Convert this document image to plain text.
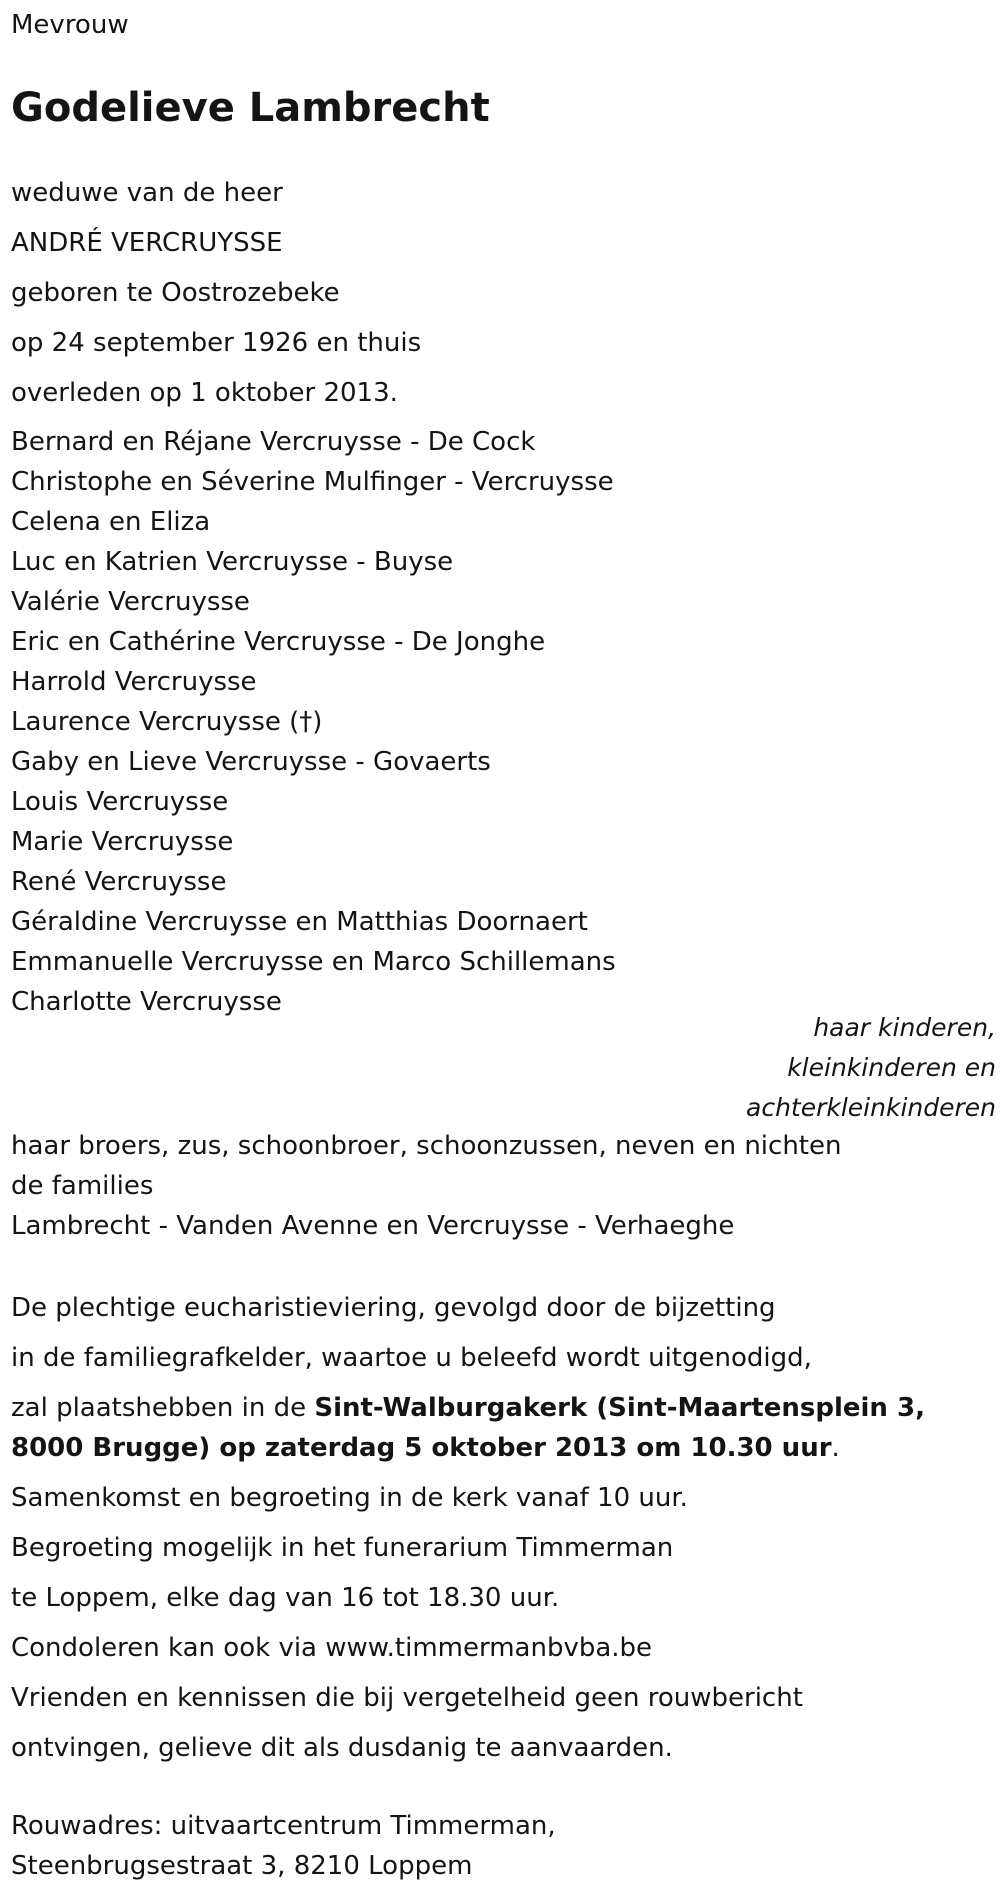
Mevrouw
Godelieve Lambrecht
weduwe van de heer
ANDRÉ VERCRUYSSE
geboren te Oostrozebeke
op 24 september 1926 en thuis
overleden op 1 oktober 2013.
Bernard en Réjane Vercruysse - De Cock
Christophe en Séverine Mulfinger - Vercruysse
Celena en Eliza
Luc en Katrien Vercruysse - Buyse
Valérie Vercruysse
Eric en Cathérine Vercruysse - De Jonghe
Harrold Vercruysse
Laurence Vercruysse (†)
Gaby en Lieve Vercruysse - Govaerts
Louis Vercruysse
Marie Vercruysse
René Vercruysse
Géraldine Vercruysse en Matthias Doornaert
Emmanuelle Vercruysse en Marco Schillemans
Charlotte Vercruysse
haar kinderen,
kleinkinderen en
achterkleinkinderen
haar broers, zus, schoonbroer, schoonzussen, neven en nichten
de families
Lambrecht - Vanden Avenne en Vercruysse - Verhaeghe
De plechtige eucharistieviering, gevolgd door de bijzetting
in de familiegrafkelder, waartoe u beleefd wordt uitgenodigd,
zal plaatshebben in de Sint-Walburgakerk (Sint-Maartensplein 3, 8000 Brugge) op zaterdag 5 oktober 2013 om 10.30 uur.
Samenkomst en begroeting in de kerk vanaf 10 uur.
Begroeting mogelijk in het funerarium Timmerman
te Loppem, elke dag van 16 tot 18.30 uur.
Condoleren kan ook via www.timmermanbvba.be
Vrienden en kennissen die bij vergetelheid geen rouwbericht
ontvingen, gelieve dit als dusdanig te aanvaarden.
Rouwadres: uitvaartcentrum Timmerman,
Steenbrugsestraat 3, 8210 Loppem
